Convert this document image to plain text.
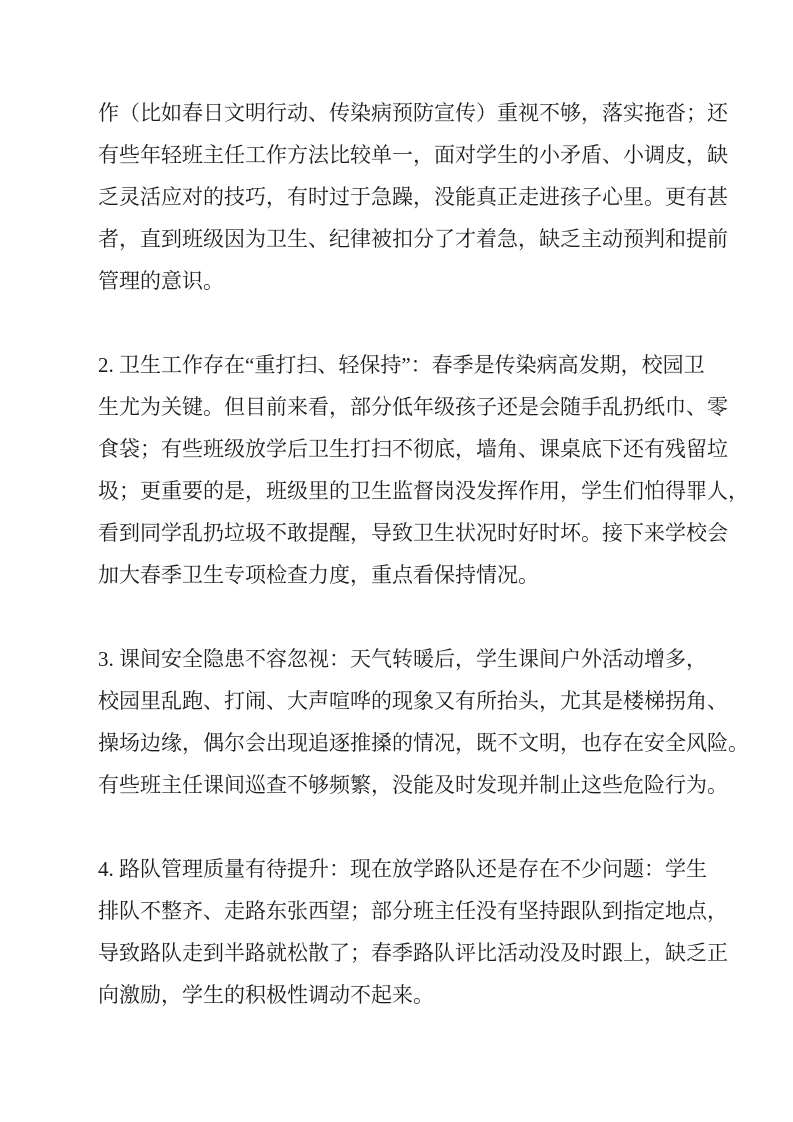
作（比如春日文明行动、传染病预防宣传）重视不够，落实拖沓；还
有些年轻班主任工作方法比较单一，面对学生的小矛盾、小调皮，缺
乏灵活应对的技巧，有时过于急躁，没能真正走进孩子心里。更有甚
者，直到班级因为卫生、纪律被扣分了才着急，缺乏主动预判和提前
管理的意识。

2. 卫生工作存在“重打扫、轻保持”：春季是传染病高发期，校园卫
生尤为关键。但目前来看，部分低年级孩子还是会随手乱扔纸巾、零
食袋；有些班级放学后卫生打扫不彻底，墙角、课桌底下还有残留垃
圾；更重要的是，班级里的卫生监督岗没发挥作用，学生们怕得罪人，
看到同学乱扔垃圾不敢提醒，导致卫生状况时好时坏。接下来学校会
加大春季卫生专项检查力度，重点看保持情况。

3. 课间安全隐患不容忽视：天气转暖后，学生课间户外活动增多，
校园里乱跑、打闹、大声喧哗的现象又有所抬头，尤其是楼梯拐角、
操场边缘，偶尔会出现追逐推搡的情况，既不文明，也存在安全风险。
有些班主任课间巡查不够频繁，没能及时发现并制止这些危险行为。

4. 路队管理质量有待提升：现在放学路队还是存在不少问题：学生
排队不整齐、走路东张西望；部分班主任没有坚持跟队到指定地点，
导致路队走到半路就松散了；春季路队评比活动没及时跟上，缺乏正
向激励，学生的积极性调动不起来。
